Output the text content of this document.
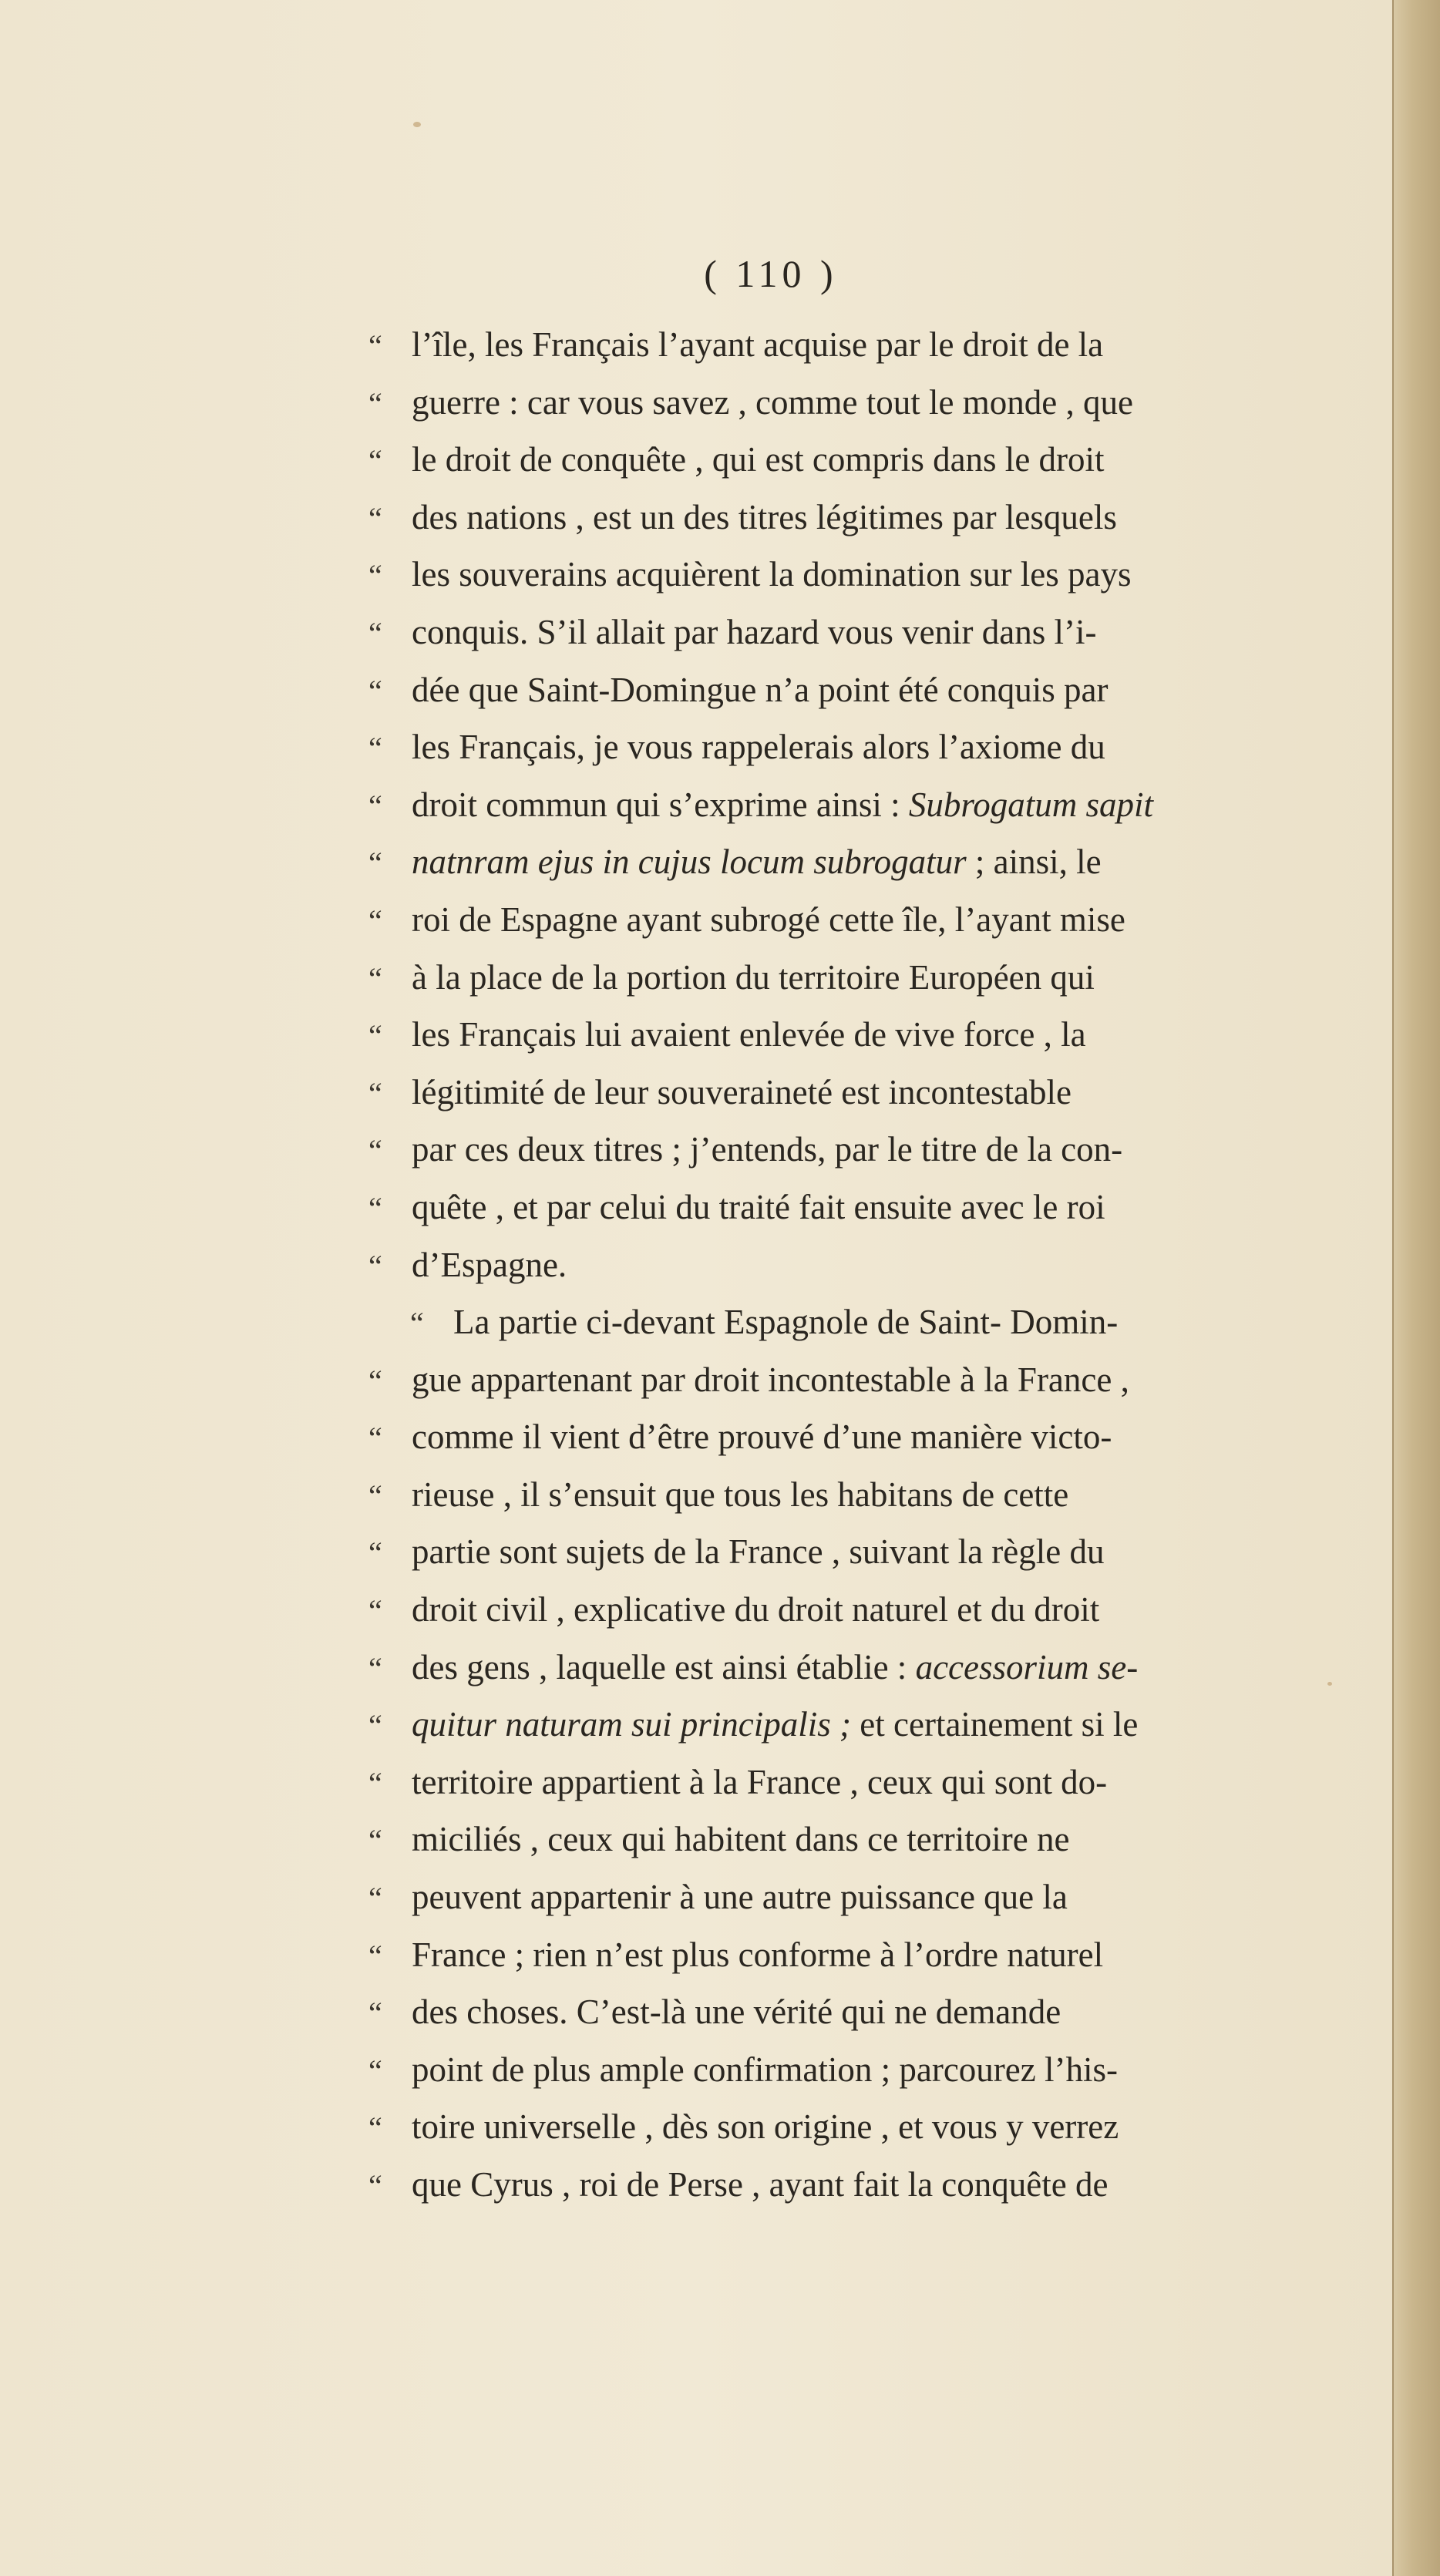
( 110 )
“ l’île, les Français l’ayant acquise par le droit de la
“ guerre : car vous savez , comme tout le monde , que
“ le droit de conquête , qui est compris dans le droit
“ des nations , est un des titres légitimes par lesquels
“ les souverains acquièrent la domination sur les pays
“ conquis. S’il allait par hazard vous venir dans l’i-
“ dée que Saint-Domingue n’a point été conquis par
“ les Français, je vous rappelerais alors l’axiome du
“ droit commun qui s’exprime ainsi : Subrogatum sapit
“ natnram ejus in cujus locum subrogatur ; ainsi, le
“ roi de Espagne ayant subrogé cette île, l’ayant mise
“ à la place de la portion du territoire Européen qui
“ les Français lui avaient enlevée de vive force , la
“ légitimité de leur souveraineté est incontestable
“ par ces deux titres ; j’entends, par le titre de la con-
“ quête , et par celui du traité fait ensuite avec le roi
“ d’Espagne.
“ La partie ci-devant Espagnole de Saint- Domin-
“ gue appartenant par droit incontestable à la France ,
“ comme il vient d’être prouvé d’une manière victo-
“ rieuse , il s’ensuit que tous les habitans de cette
“ partie sont sujets de la France , suivant la règle du
“ droit civil , explicative du droit naturel et du droit
“ des gens , laquelle est ainsi établie : accessorium se-
“ quitur naturam sui principalis ; et certainement si le
“ territoire appartient à la France , ceux qui sont do-
“ miciliés , ceux qui habitent dans ce territoire ne
“ peuvent appartenir à une autre puissance que la
“ France ; rien n’est plus conforme à l’ordre naturel
“ des choses. C’est-là une vérité qui ne demande
“ point de plus ample confirmation ; parcourez l’his-
“ toire universelle , dès son origine , et vous y verrez
“ que Cyrus , roi de Perse , ayant fait la conquête de
